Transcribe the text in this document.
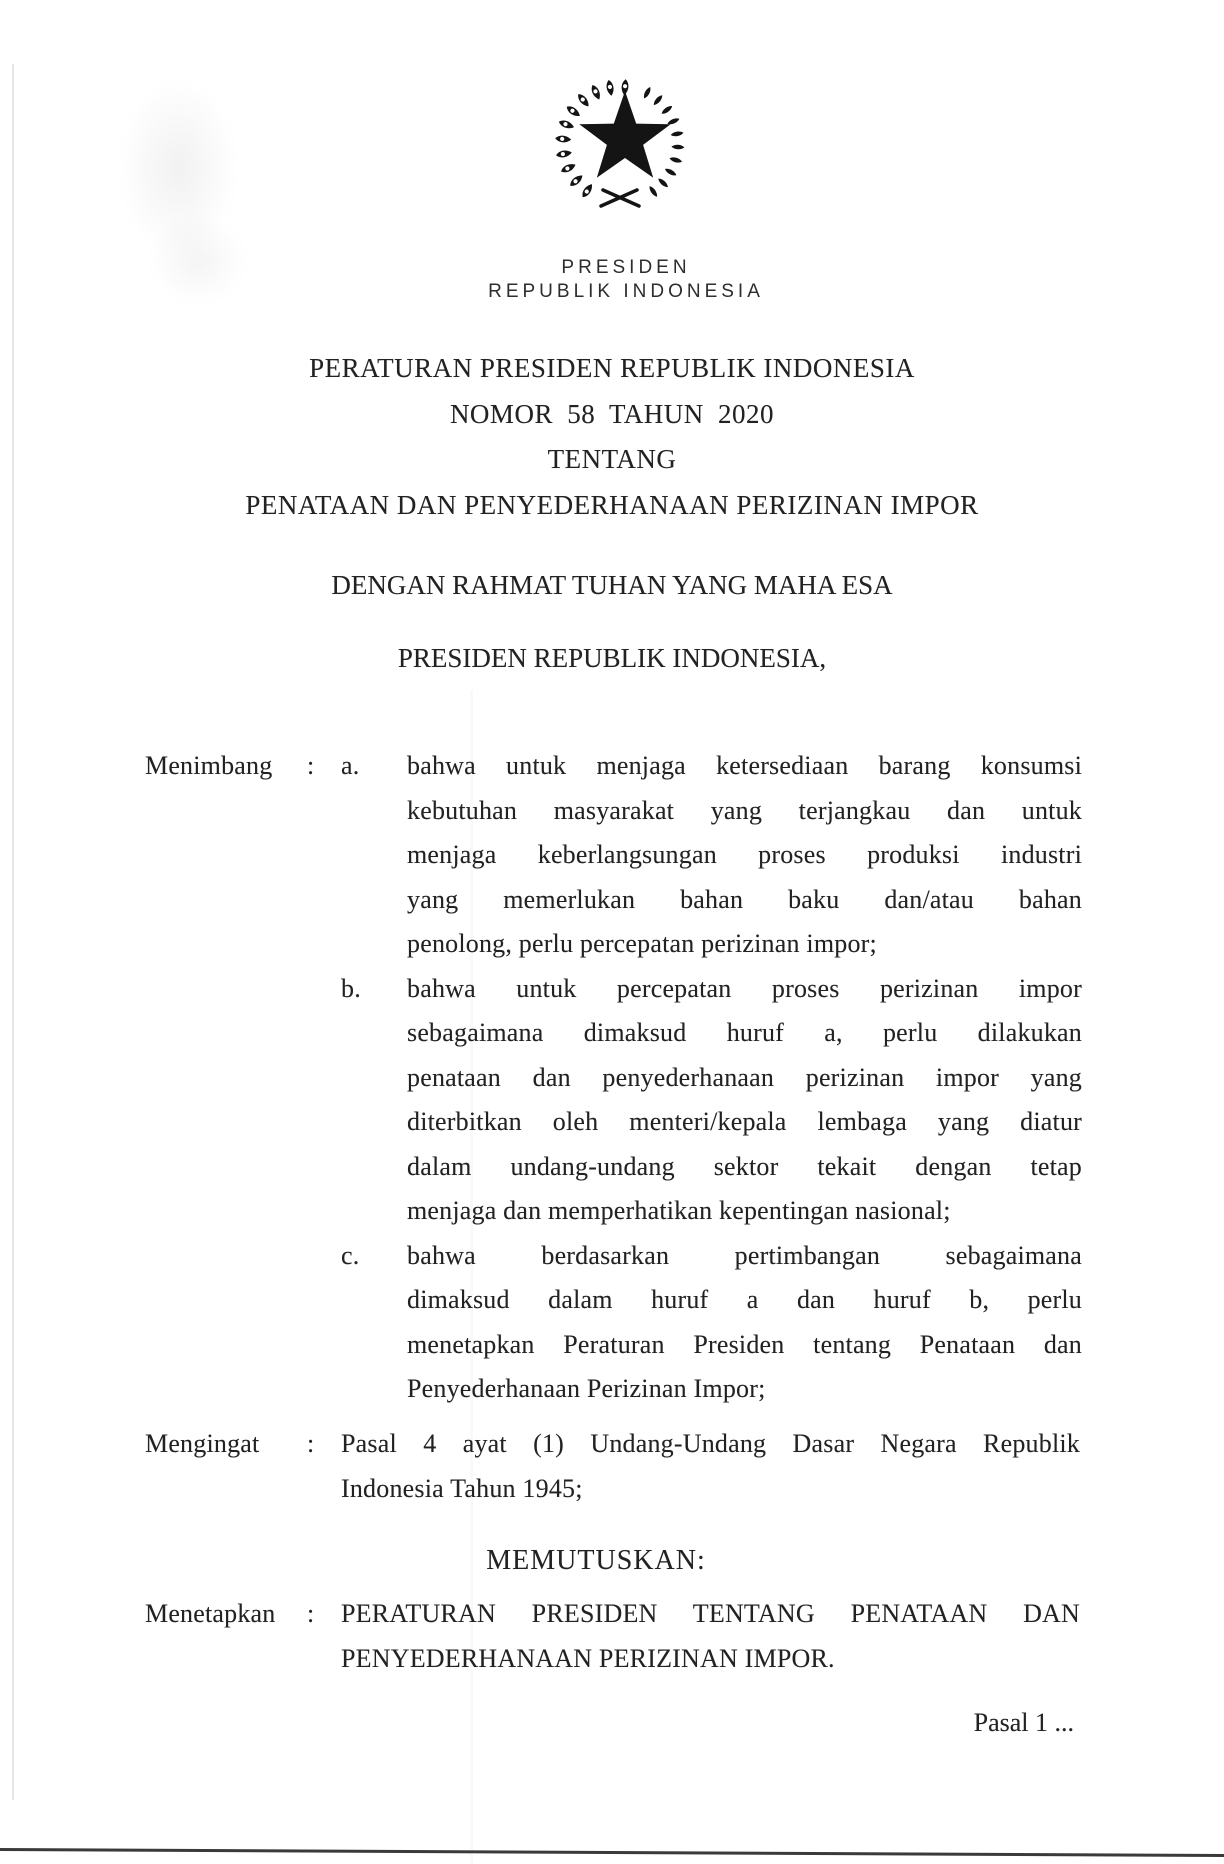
PRESIDEN
REPUBLIK INDONESIA
PERATURAN PRESIDEN REPUBLIK INDONESIA
NOMOR 58 TAHUN 2020
TENTANG
PENATAAN DAN PENYEDERHANAAN PERIZINAN IMPOR
DENGAN RAHMAT TUHAN YANG MAHA ESA
PRESIDEN REPUBLIK INDONESIA,
Menimbang	:	a.	bahwa untuk menjaga ketersediaan barang konsumsi
kebutuhan masyarakat yang terjangkau dan untuk
menjaga keberlangsungan proses produksi industri
yang memerlukan bahan baku dan/atau bahan
penolong, perlu percepatan perizinan impor;
b.	bahwa untuk percepatan proses perizinan impor
sebagaimana dimaksud huruf a, perlu dilakukan
penataan dan penyederhanaan perizinan impor yang
diterbitkan oleh menteri/kepala lembaga yang diatur
dalam undang-undang sektor tekait dengan tetap
menjaga dan memperhatikan kepentingan nasional;
c.	bahwa berdasarkan pertimbangan sebagaimana
dimaksud dalam huruf a dan huruf b, perlu
menetapkan Peraturan Presiden tentang Penataan dan
Penyederhanaan Perizinan Impor;
Mengingat	:	Pasal 4 ayat (1) Undang-Undang Dasar Negara Republik
Indonesia Tahun 1945;
MEMUTUSKAN:
Menetapkan	:	PERATURAN PRESIDEN TENTANG PENATAAN DAN
PENYEDERHANAAN PERIZINAN IMPOR.
Pasal 1 ...
